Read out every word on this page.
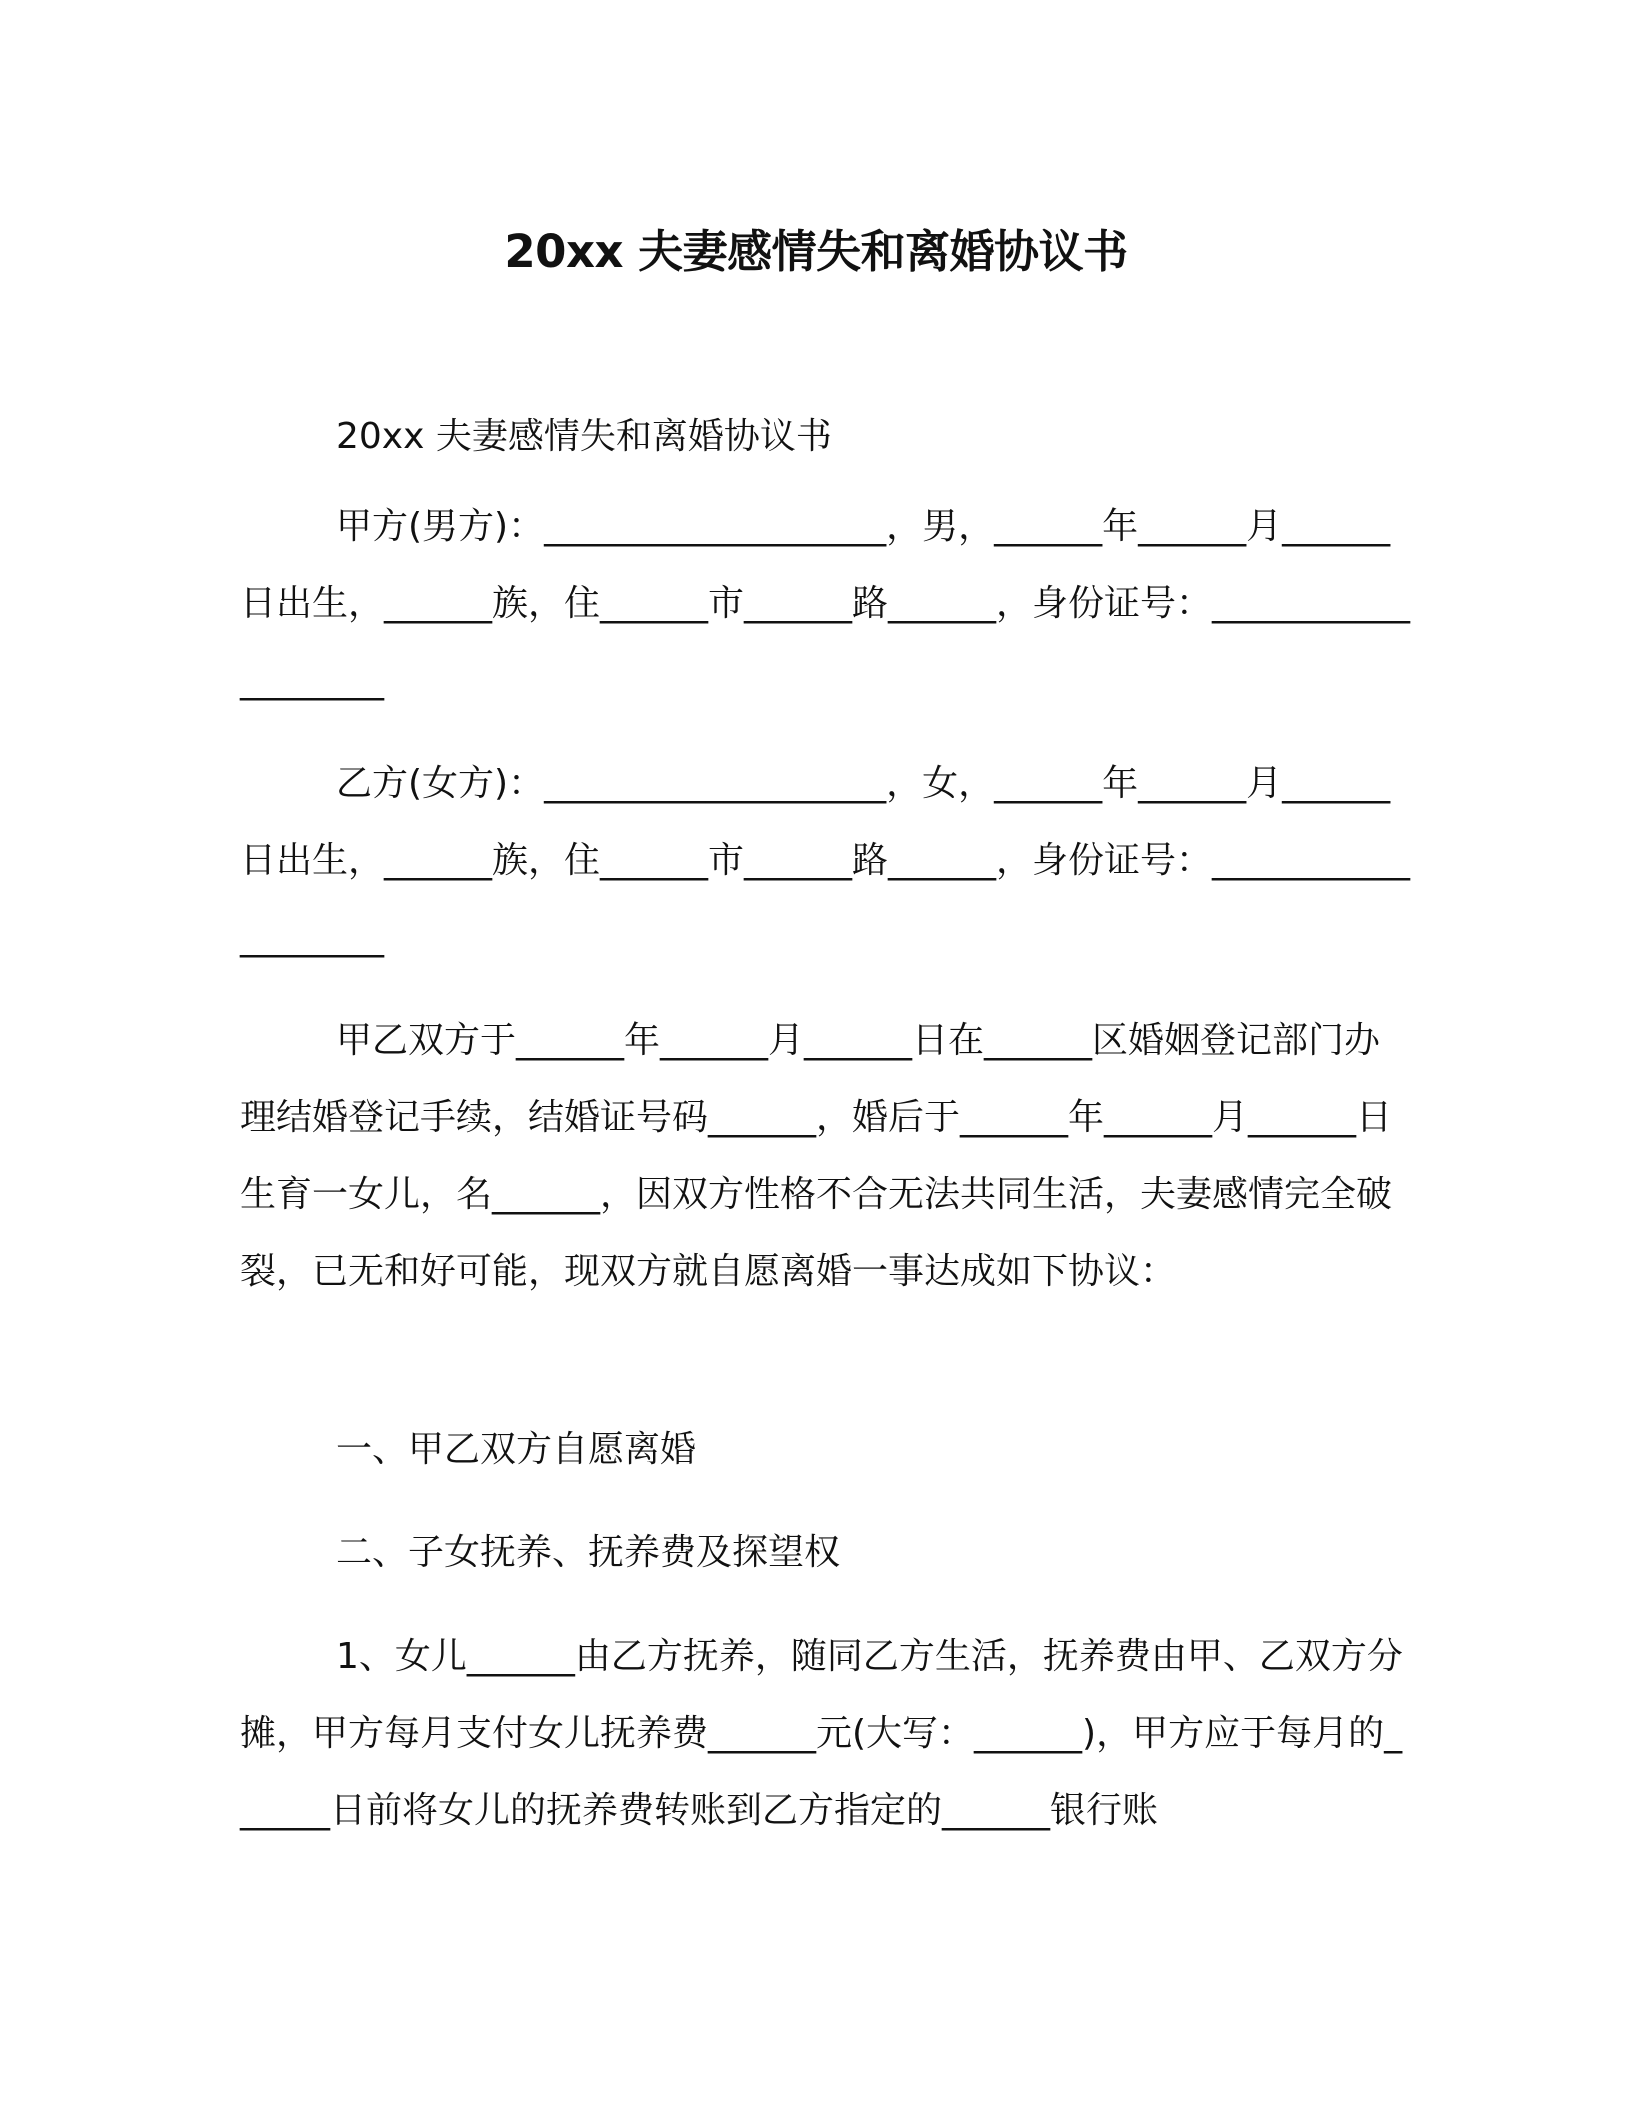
20xx 夫妻感情失和离婚协议书
20xx 夫妻感情失和离婚协议书
甲方(男方)：___________________，男，______年______月______日出生，______族，住______市______路______，身份证号：___________________
乙方(女方)：___________________，女，______年______月______日出生，______族，住______市______路______，身份证号：___________________
甲乙双方于______年______月______日在______区婚姻登记部门办理结婚登记手续，结婚证号码______，婚后于______年______月______日生育一女儿，名______，因双方性格不合无法共同生活，夫妻感情完全破裂，已无和好可能，现双方就自愿离婚一事达成如下协议：
一、甲乙双方自愿离婚
二、子女抚养、抚养费及探望权
1、女儿______由乙方抚养，随同乙方生活，抚养费由甲、乙双方分摊，甲方每月支付女儿抚养费______元(大写：______)，甲方应于每月的______日前将女儿的抚养费转账到乙方指定的______银行账
